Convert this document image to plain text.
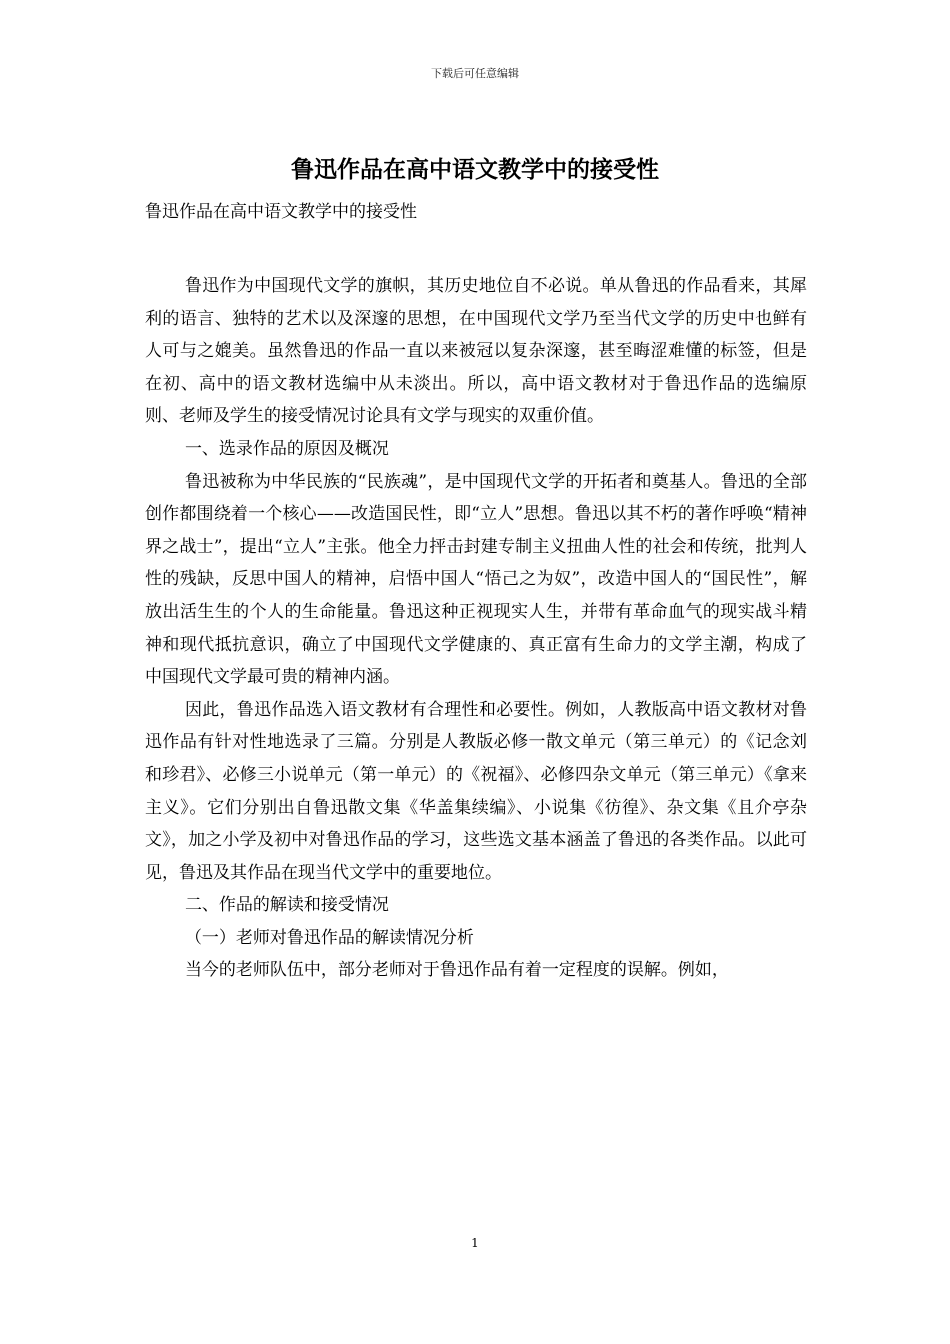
下载后可任意编辑
鲁迅作品在高中语文教学中的接受性
鲁迅作品在高中语文教学中的接受性

鲁迅作为中国现代文学的旗帜，其历史地位自不必说。单从鲁迅的作品看来，其犀利的语言、独特的艺术以及深邃的思想，在中国现代文学乃至当代文学的历史中也鲜有人可与之媲美。虽然鲁迅的作品一直以来被冠以复杂深邃，甚至晦涩难懂的标签，但是在初、高中的语文教材选编中从未淡出。所以，高中语文教材对于鲁迅作品的选编原则、老师及学生的接受情况讨论具有文学与现实的双重价值。

一、选录作品的原因及概况

鲁迅被称为中华民族的“民族魂”，是中国现代文学的开拓者和奠基人。鲁迅的全部创作都围绕着一个核心——改造国民性，即“立人”思想。鲁迅以其不朽的著作呼唤“精神界之战士”，提出“立人”主张。他全力抨击封建专制主义扭曲人性的社会和传统，批判人性的残缺，反思中国人的精神，启悟中国人“悟己之为奴”，改造中国人的“国民性”，解放出活生生的个人的生命能量。鲁迅这种正视现实人生，并带有革命血气的现实战斗精神和现代抵抗意识，确立了中国现代文学健康的、真正富有生命力的文学主潮，构成了中国现代文学最可贵的精神内涵。

因此，鲁迅作品选入语文教材有合理性和必要性。例如，人教版高中语文教材对鲁迅作品有针对性地选录了三篇。分别是人教版必修一散文单元（第三单元）的《记念刘和珍君》、必修三小说单元（第一单元）的《祝福》、必修四杂文单元（第三单元）《拿来主义》。它们分别出自鲁迅散文集《华盖集续编》、小说集《彷徨》、杂文集《且介亭杂文》，加之小学及初中对鲁迅作品的学习，这些选文基本涵盖了鲁迅的各类作品。以此可见，鲁迅及其作品在现当代文学中的重要地位。

二、作品的解读和接受情况

（一）老师对鲁迅作品的解读情况分析

当今的老师队伍中，部分老师对于鲁迅作品有着一定程度的误解。例如，

1
